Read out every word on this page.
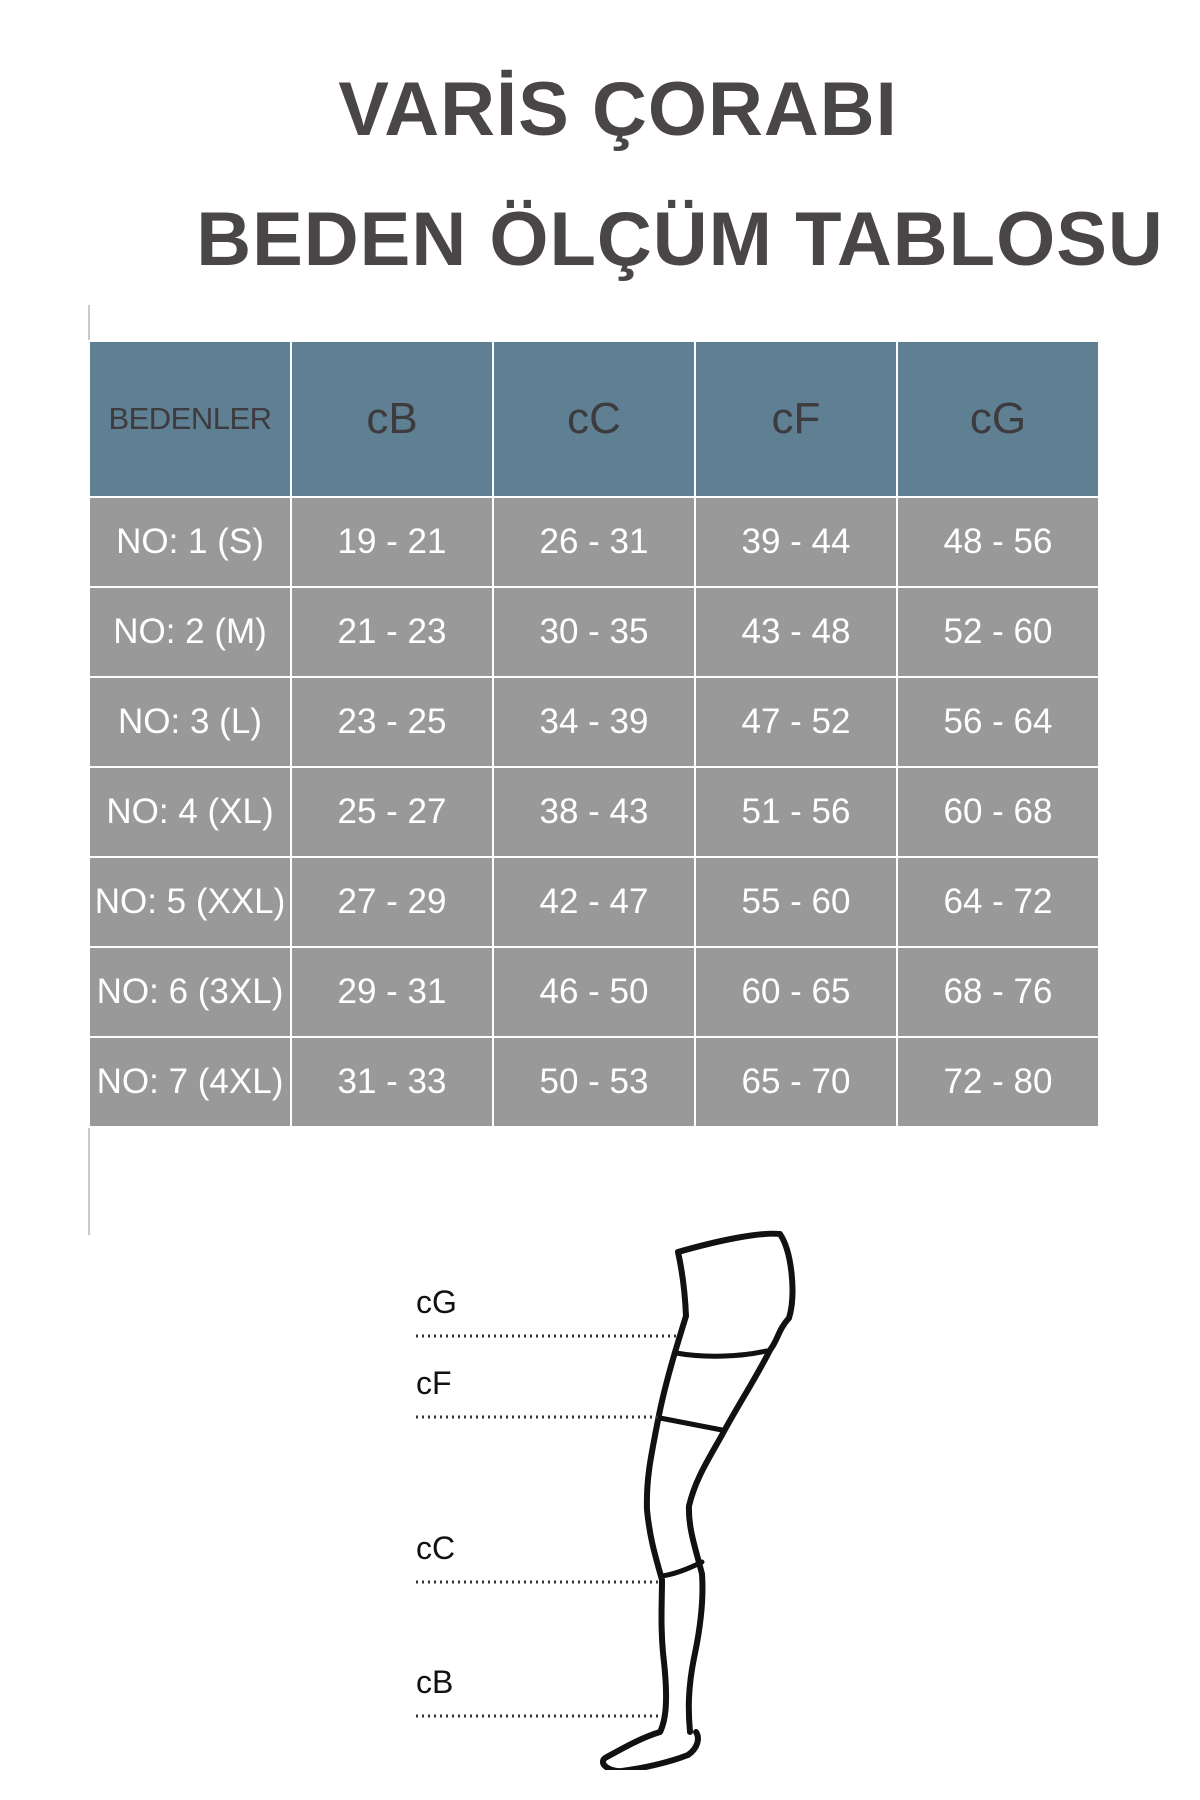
VARİS ÇORABI
BEDEN ÖLÇÜM TABLOSU
BEDENLER	cB	cC	cF	cG
NO: 1 (S)	19 - 21	26 - 31	39 - 44	48 - 56
NO: 2 (M)	21 - 23	30 - 35	43 - 48	52 - 60
NO: 3 (L)	23 - 25	34 - 39	47 - 52	56 - 64
NO: 4 (XL)	25 - 27	38 - 43	51 - 56	60 - 68
NO: 5 (XXL)	27 - 29	42 - 47	55 - 60	64 - 72
NO: 6 (3XL)	29 - 31	46 - 50	60 - 65	68 - 76
NO: 7 (4XL)	31 - 33	50 - 53	65 - 70	72 - 80
cG
cF
cC
cB
